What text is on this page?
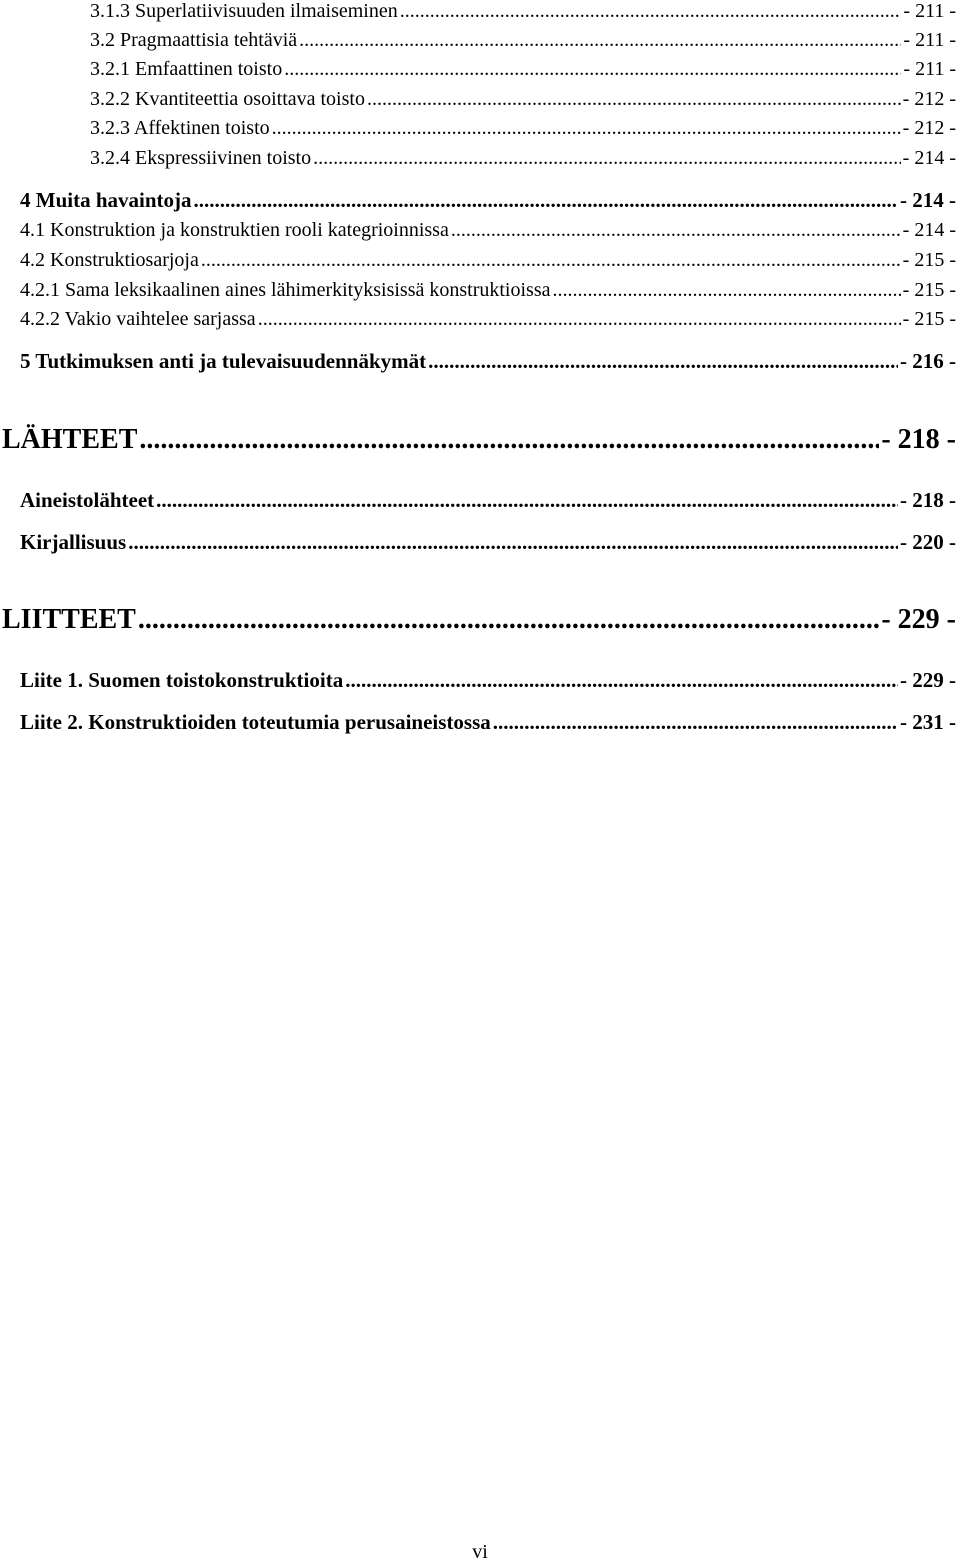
3.1.3 Superlatiivisuuden ilmaiseminen .....	- 211 -
3.2 Pragmaattisia tehtäviä .....	- 211 -
3.2.1 Emfaattinen toisto .....	- 211 -
3.2.2 Kvantiteettia osoittava toisto .....	- 212 -
3.2.3 Affektinen toisto .....	- 212 -
3.2.4 Ekspressiivinen toisto .....	- 214 -
4 Muita havaintoja .....	- 214 -
4.1 Konstruktion ja konstruktien rooli kategrioinnissa .....	- 214 -
4.2 Konstruktiosarjoja .....	- 215 -
4.2.1 Sama leksikaalinen aines lähimerkityksisissä konstruktioissa .....	- 215 -
4.2.2 Vakio vaihtelee sarjassa .....	- 215 -
5 Tutkimuksen anti ja tulevaisuudennäkymät .....	- 216 -
LÄHTEET .....	- 218 -
Aineistolähteet .....	- 218 -
Kirjallisuus .....	- 220 -
LIITTEET .....	- 229 -
Liite 1. Suomen toistokonstruktioita .....	- 229 -
Liite 2. Konstruktioiden toteutumia perusaineistossa .....	- 231 -
vi
